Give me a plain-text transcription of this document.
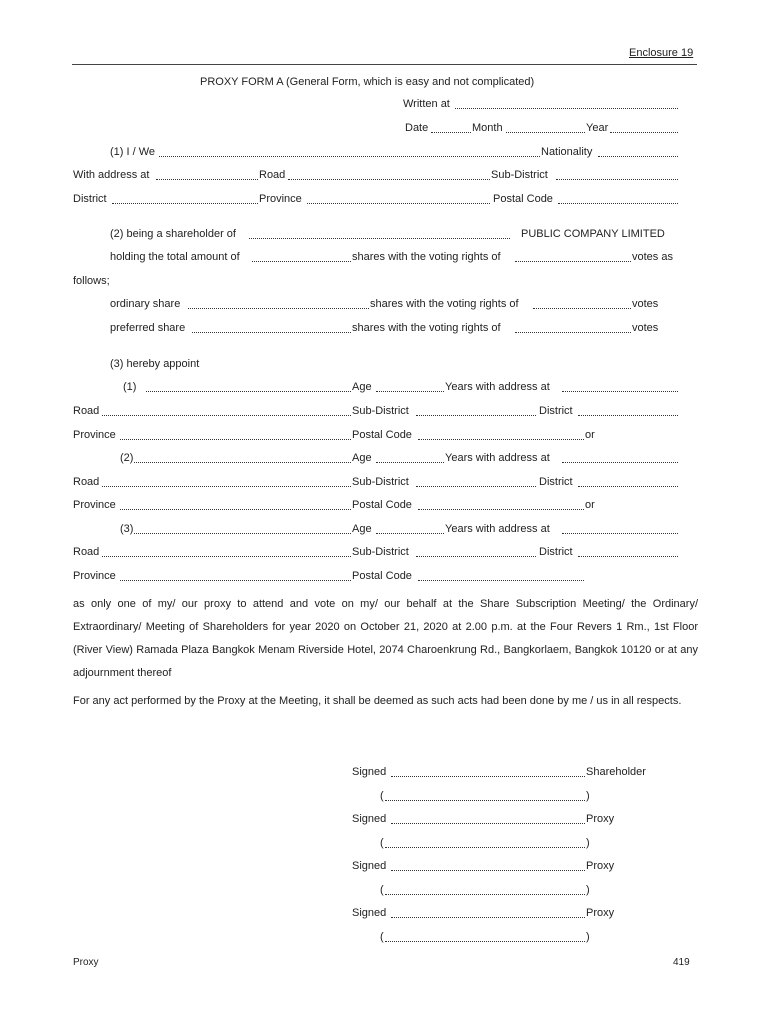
Enclosure 19
PROXY FORM A (General Form, which is easy and not complicated)
Written at
Date	Month	Year
(1) I / We	Nationality
With address at	Road	Sub-District
District	Province	Postal Code
(2) being a shareholder of	PUBLIC COMPANY LIMITED
holding the total amount of	shares with the voting rights of	votes as
follows;
ordinary share	shares with the voting rights of	votes
preferred share	shares with the voting rights of	votes
(3) hereby appoint
(1)	Age	Years with address at
Road	Sub-District	District
Province	Postal Code	or
(2)	Age	Years with address at
Road	Sub-District	District
Province	Postal Code	or
(3)	Age	Years with address at
Road	Sub-District	District
Province	Postal Code
as only one of my/ our proxy to attend and vote on my/ our behalf at the Share Subscription Meeting/ the Ordinary/ Extraordinary/ Meeting of Shareholders for year 2020 on October 21, 2020 at 2.00 p.m. at the Four Revers 1 Rm., 1st Floor (River View) Ramada Plaza Bangkok Menam Riverside Hotel, 2074 Charoenkrung Rd., Bangkorlaem, Bangkok 10120 or at any adjournment thereof
For any act performed by the Proxy at the Meeting, it shall be deemed as such acts had been done by me / us in all respects.
Signed	Shareholder
(	)
Signed	Proxy
(	)
Signed	Proxy
(	)
Signed	Proxy
(	)
Proxy	419
